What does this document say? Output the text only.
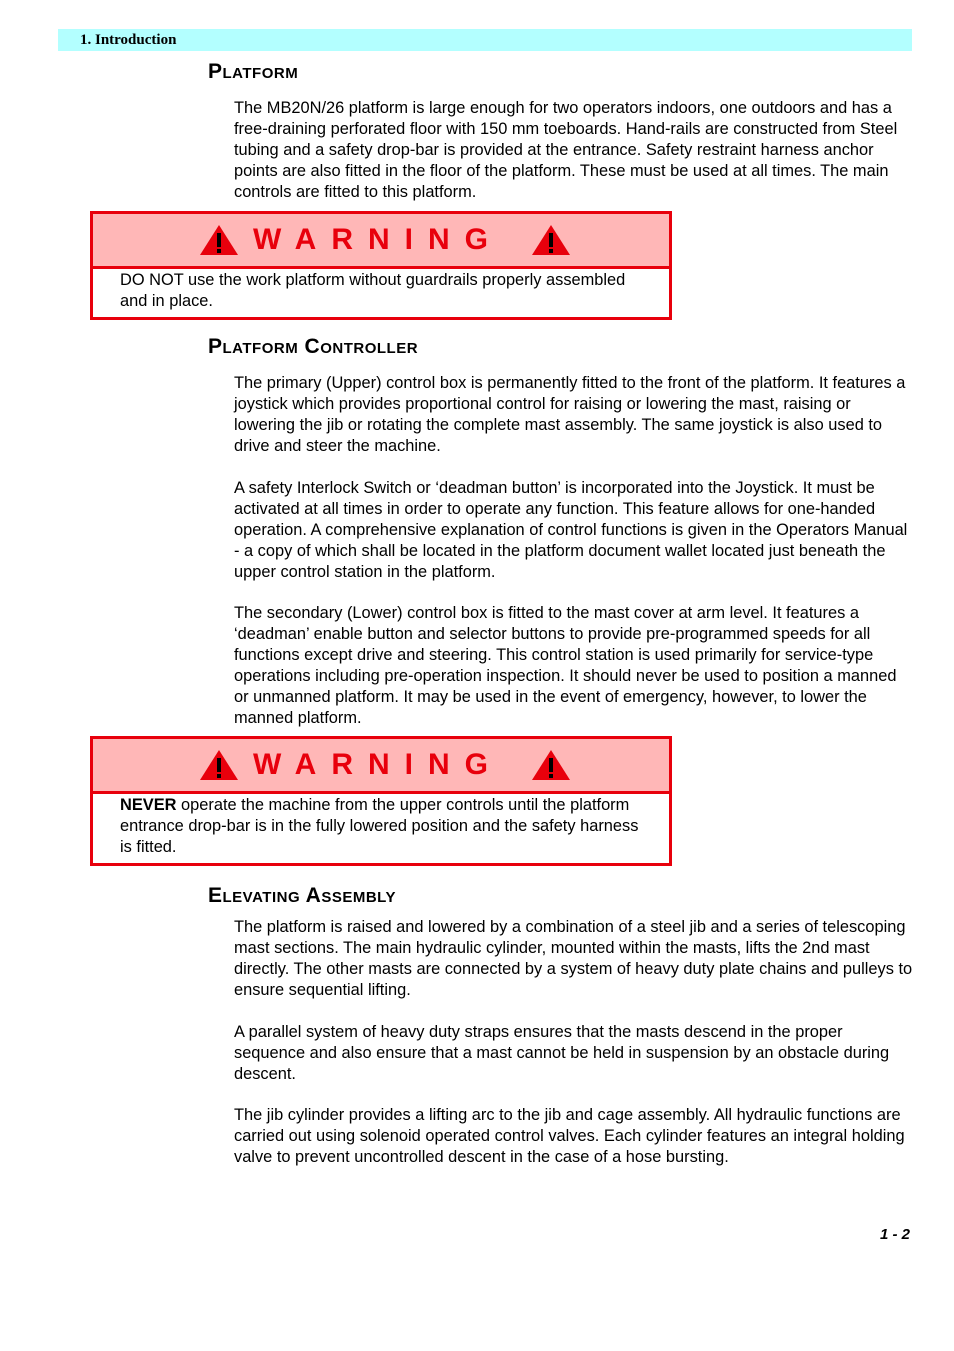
1. Introduction
Platform

The MB20N/26 platform is large enough for two operators indoors, one outdoors and has a free-draining perforated floor with 150 mm toeboards. Hand-rails are constructed from Steel tubing and a safety drop-bar is provided at the entrance. Safety restraint harness anchor points are also fitted in the floor of the platform. These must be used at all times. The main controls are fitted to this platform.

WARNING
DO NOT use the work platform without guardrails properly assembled and in place.
Platform Controller

The primary (Upper) control box is permanently fitted to the front of the platform. It features a joystick which provides proportional control for raising or lowering the mast, raising or lowering the jib or rotating the complete mast assembly. The same joystick is also used to drive and steer the machine.

A safety Interlock Switch or ‘deadman button’ is incorporated into the Joystick. It must be activated at all times in order to operate any function. This feature allows for one-handed operation. A comprehensive explanation of control functions is given in the Operators Manual - a copy of which shall be located in the platform document wallet located just beneath the upper control station in the platform.

The secondary (Lower) control box is fitted to the mast cover at arm level. It features a ‘deadman’ enable button and selector buttons to provide pre-programmed speeds for all functions except drive and steering. This control station is used primarily for service-type operations including pre-operation inspection. It should never be used to position a manned or unmanned platform. It may be used in the event of emergency, however, to lower the manned platform.

WARNING
NEVER operate the machine from the upper controls until the platform entrance drop-bar is in the fully lowered position and the safety harness is fitted.
Elevating Assembly

The platform is raised and lowered by a combination of a steel jib and a series of telescoping mast sections. The main hydraulic cylinder, mounted within the masts, lifts the 2nd mast directly. The other masts are connected by a system of heavy duty plate chains and pulleys to ensure sequential lifting.

A parallel system of heavy duty straps ensures that the masts descend in the proper sequence and also ensure that a mast cannot be held in suspension by an obstacle during descent.

The jib cylinder provides a lifting arc to the jib and cage assembly. All hydraulic functions are carried out using solenoid operated control valves. Each cylinder features an integral holding valve to prevent uncontrolled descent in the case of a hose bursting.

1 - 2
